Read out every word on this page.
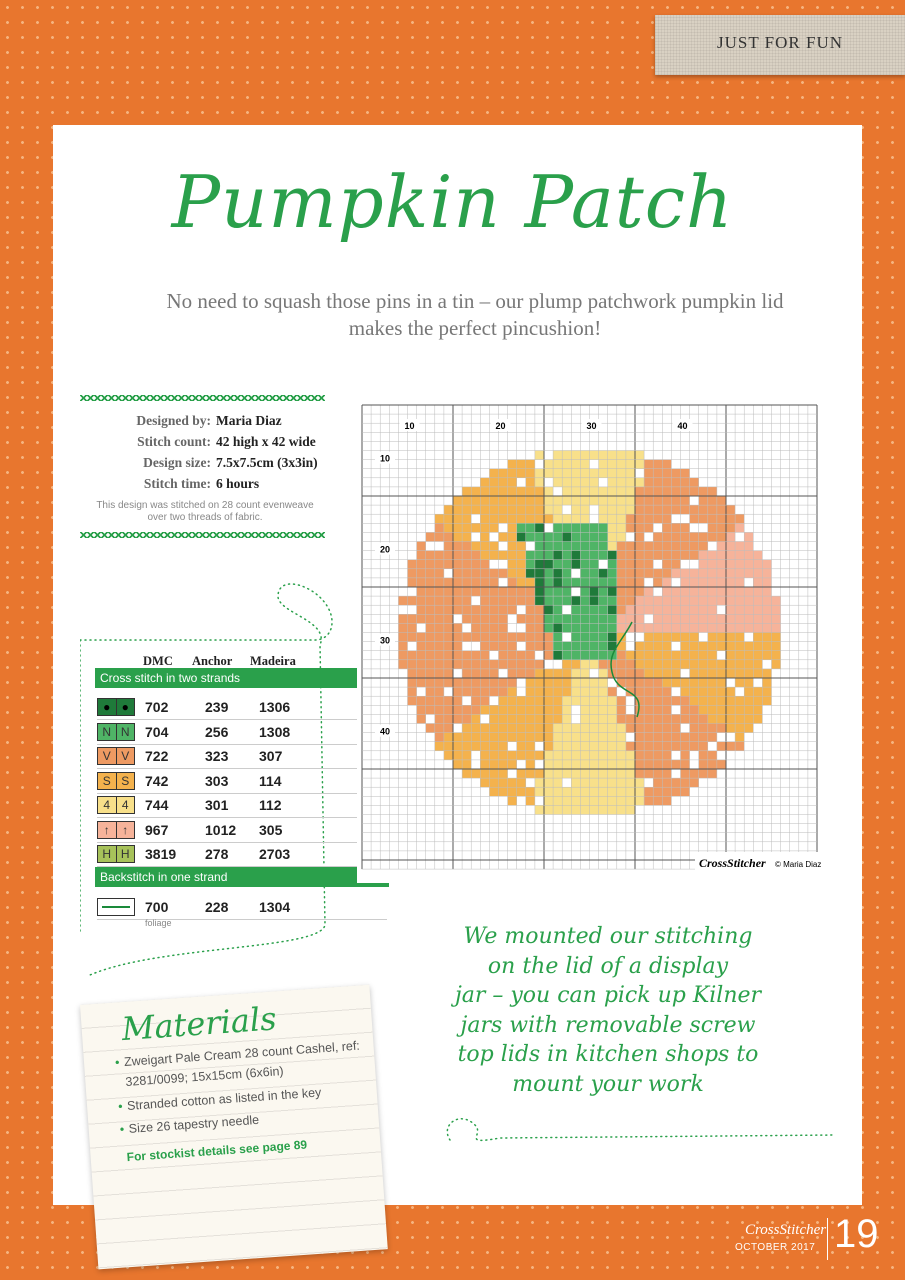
JUST FOR FUN
Pumpkin Patch
No need to squash those pins in a tin – our plump patchwork pumpkin lid makes the perfect pincushion!
Designed by: Maria Diaz
Stitch count: 42 high x 42 wide
Design size: 7.5x7.5cm (3x3in)
Stitch time: 6 hours
This design was stitched on 28 count evenweave over two threads of fabric.
DMC Anchor Madeira
Cross stitch in two strands
● ●	702	239 1306
N N	704	256 1308
V V	722	323 307
S S	742	303 114
4 4	744	301 112
↑	↑	967	1012 305
H H	3819 278 2703
Backstitch in one strand
700	228 1304
foliage
10
10
20
20
30
30
40
40
CrossStitcher © Maria Diaz
Materials
• Zweigart Pale Cream 28 count Cashel, ref: 3281/0099; 15x15cm (6x6in)
• Stranded cotton as listed in the key
• Size 26 tapestry needle
For stockist details see page 89
We mounted our stitching
on the lid of a display
jar – you can pick up Kilner
jars with removable screw
top lids in kitchen shops to
mount your work
CrossStitcher
OCTOBER 2017 19
